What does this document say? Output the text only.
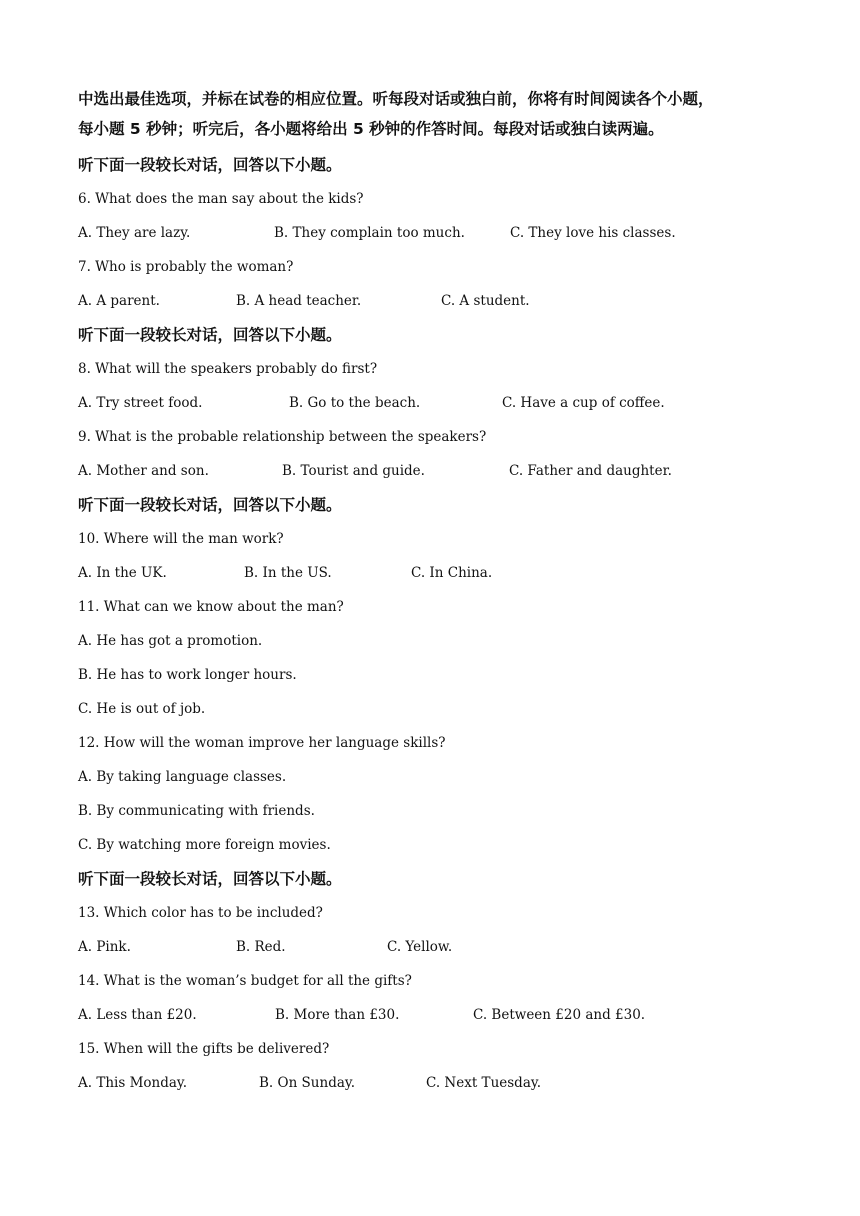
中选出最佳选项，并标在试卷的相应位置。听每段对话或独白前，你将有时间阅读各个小题，
每小题 5 秒钟；听完后，各小题将给出 5 秒钟的作答时间。每段对话或独白读两遍。
听下面一段较长对话，回答以下小题。
6. What does the man say about the kids?
A. They are lazy.	B. They complain too much.	C. They love his classes.
7. Who is probably the woman?
A. A parent.	B. A head teacher.	C. A student.
听下面一段较长对话，回答以下小题。
8. What will the speakers probably do first?
A. Try street food.	B. Go to the beach.	C. Have a cup of coffee.
9. What is the probable relationship between the speakers?
A. Mother and son.	B. Tourist and guide.	C. Father and daughter.
听下面一段较长对话，回答以下小题。
10. Where will the man work?
A. In the UK.	B. In the US.	C. In China.
11. What can we know about the man?
A. He has got a promotion.
B. He has to work longer hours.
C. He is out of job.
12. How will the woman improve her language skills?
A. By taking language classes.
B. By communicating with friends.
C. By watching more foreign movies.
听下面一段较长对话，回答以下小题。
13. Which color has to be included?
A. Pink.	B. Red.	C. Yellow.
14. What is the woman’s budget for all the gifts?
A. Less than £20.	B. More than £30.	C. Between £20 and £30.
15. When will the gifts be delivered?
A. This Monday.	B. On Sunday.	C. Next Tuesday.
